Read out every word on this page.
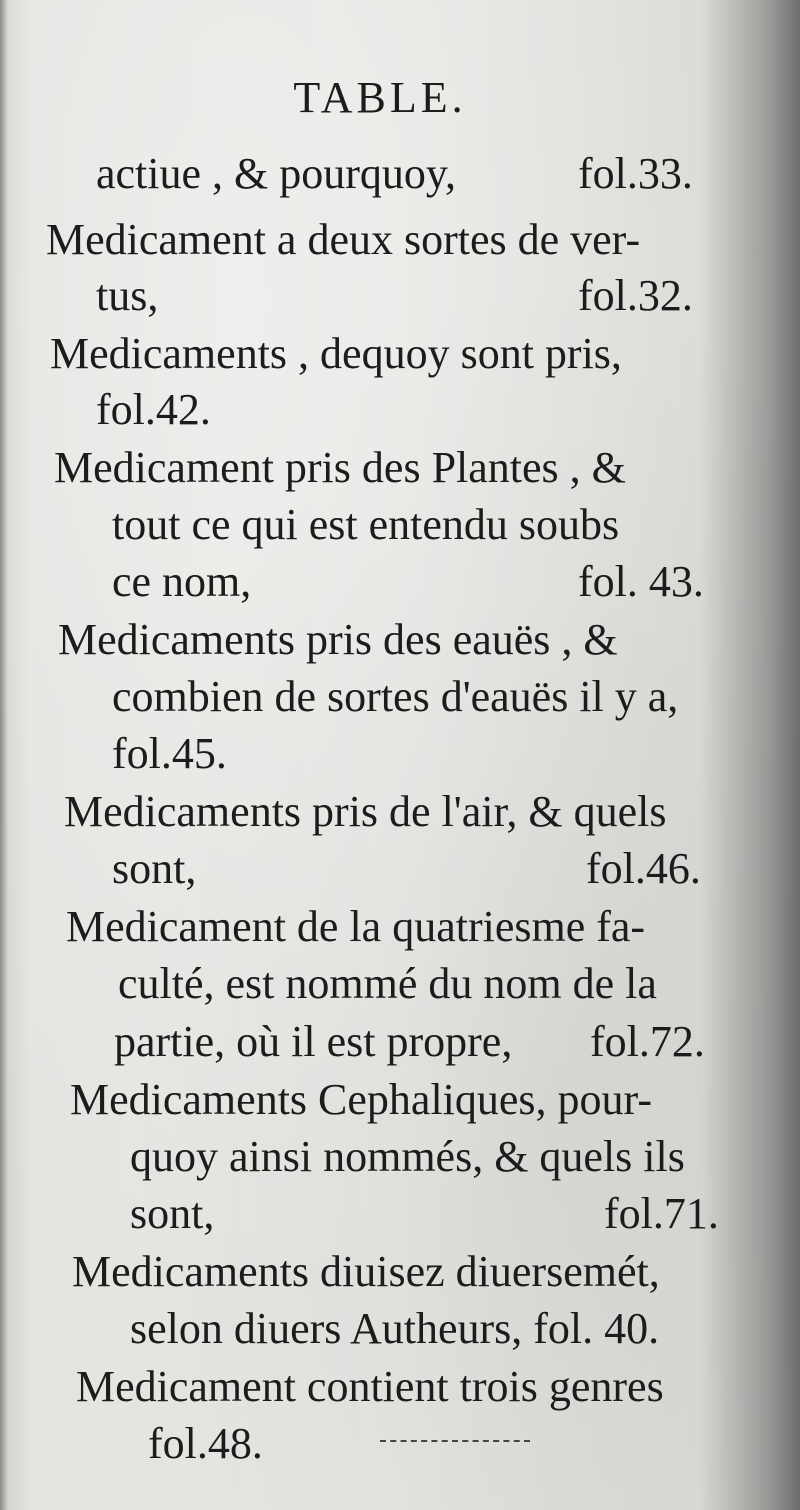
TABLE.
actiue , & pourquoy,	fol.33.
Medicament a deux sortes de ver-
tus,	fol.32.
Medicaments , dequoy sont pris,
fol.42.
Medicament pris des Plantes , &
tout ce qui est entendu soubs
ce nom,	fol. 43.
Medicaments pris des eauës , &
combien de sortes d'eauës il y a,
fol.45.
Medicaments pris de l'air, & quels
sont,	fol.46.
Medicament de la quatriesme fa-
culté, est nommé du nom de la
partie, où il est propre, fol.72.
Medicaments Cephaliques, pour-
quoy ainsi nommés, & quels ils
sont,	fol.71.
Medicaments diuisez diuersemét,
selon diuers Autheurs, fol. 40.
Medicament contient trois genres
fol.48.
